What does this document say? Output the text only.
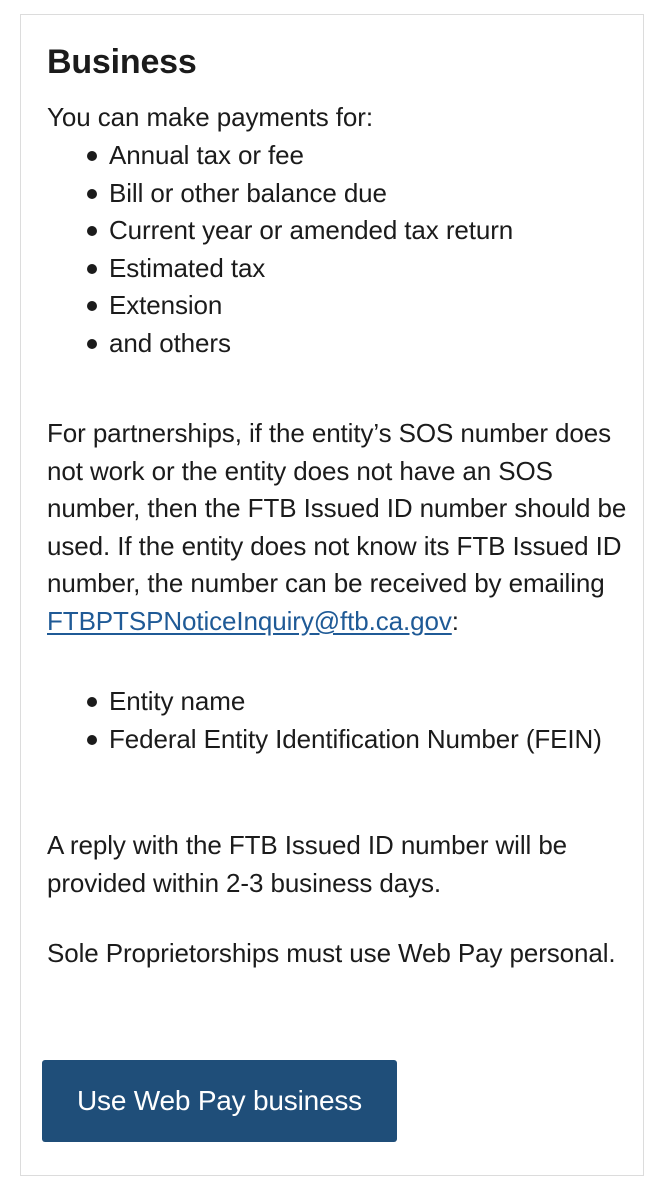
Business

You can make payments for:

Annual tax or fee
Bill or other balance due
Current year or amended tax return
Estimated tax
Extension
and others

For partnerships, if the entity’s SOS number does not work or the entity does not have an SOS number, then the FTB Issued ID number should be used. If the entity does not know its FTB Issued ID number, the number can be received by emailing FTBPTSPNoticeInquiry@ftb.ca.gov:

Entity name
Federal Entity Identification Number (FEIN)

A reply with the FTB Issued ID number will be provided within 2-3 business days.

Sole Proprietorships must use Web Pay personal.

Use Web Pay business
